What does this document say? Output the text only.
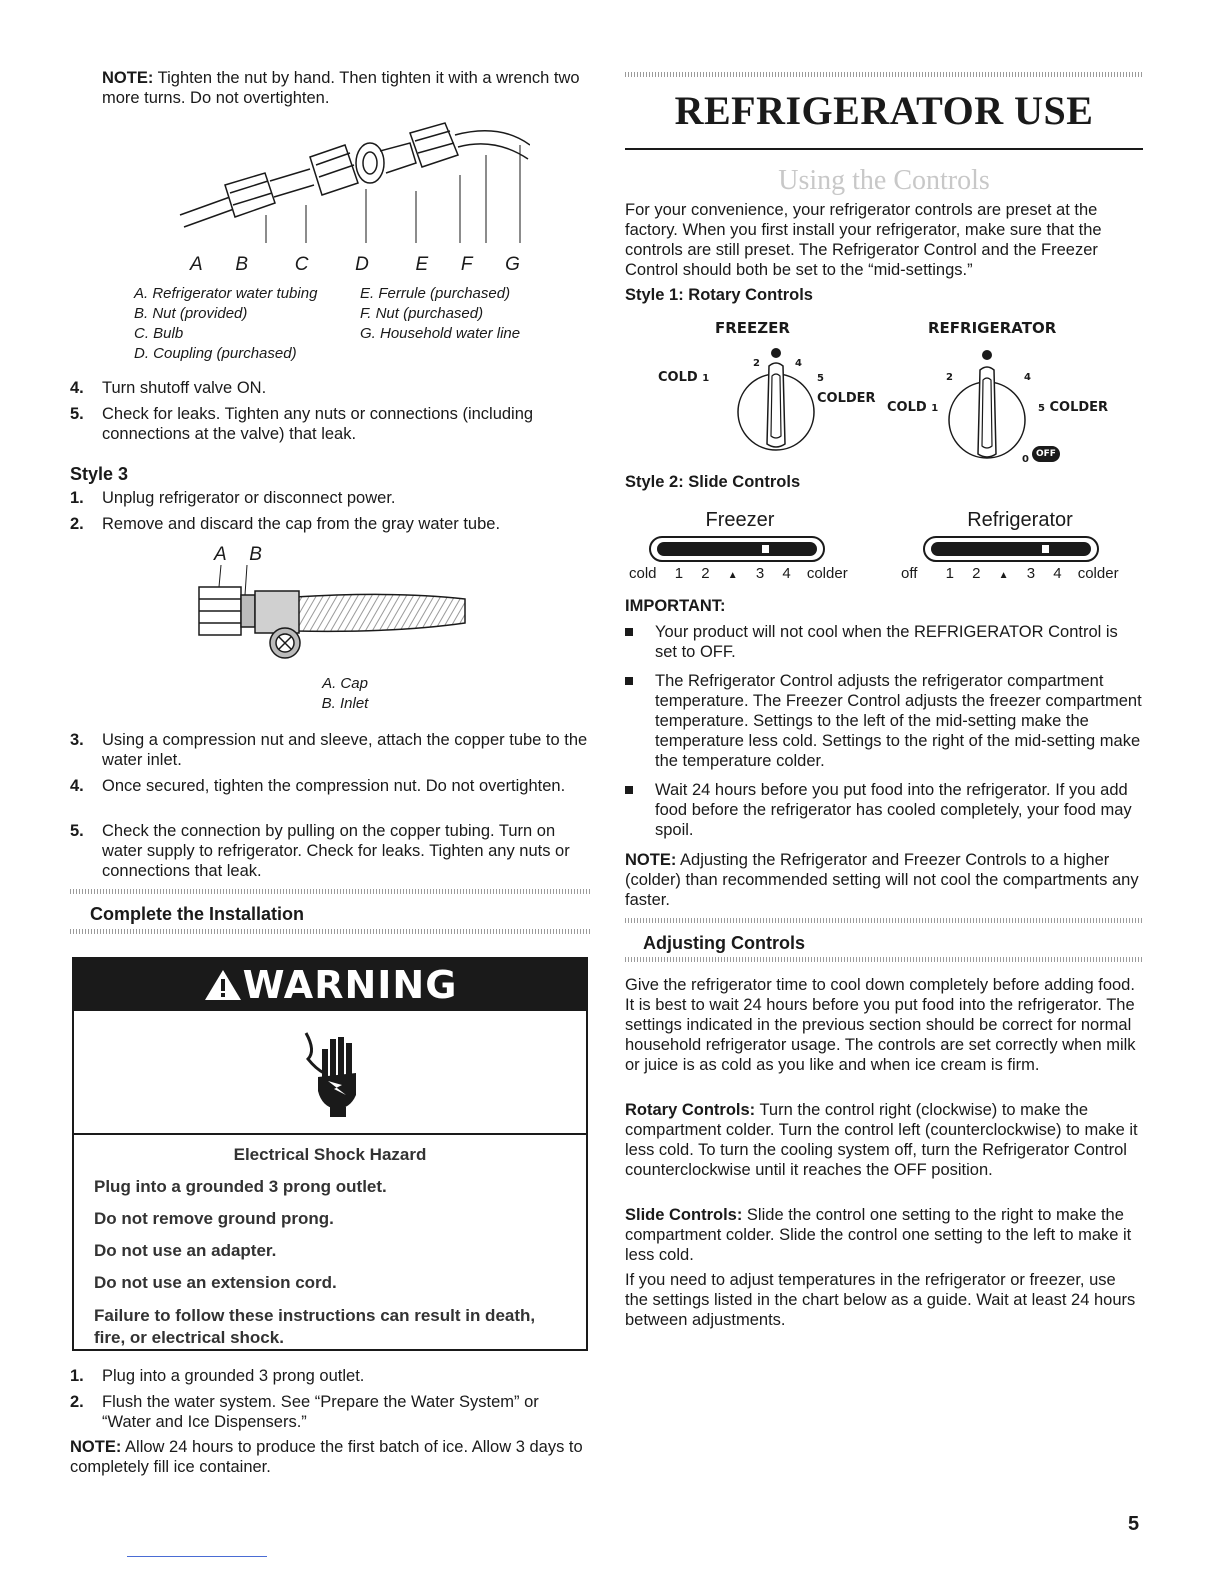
NOTE: Tighten the nut by hand. Then tighten it with a wrench two more turns. Do not overtighten.
A B C D E F G
A. Refrigerator water tubing
B. Nut (provided)
C. Bulb
D. Coupling (purchased)
E. Ferrule (purchased)
F. Nut (purchased)
G. Household water line
4.	Turn shutoff valve ON.
5.	Check for leaks. Tighten any nuts or connections (including connections at the valve) that leak.
Style 3
1.	Unplug refrigerator or disconnect power.
2.	Remove and discard the cap from the gray water tube.
A B
A. Cap
B. Inlet
3.	Using a compression nut and sleeve, attach the copper tube to the water inlet.
4.	Once secured, tighten the compression nut. Do not overtighten.
5.	Check the connection by pulling on the copper tubing. Turn on water supply to refrigerator. Check for leaks. Tighten any nuts or connections that leak.
Complete the Installation
WARNING
Electrical Shock Hazard
Plug into a grounded 3 prong outlet.
Do not remove ground prong.
Do not use an adapter.
Do not use an extension cord.
Failure to follow these instructions can result in death, fire, or electrical shock.
1.	Plug into a grounded 3 prong outlet.
2.	Flush the water system. See “Prepare the Water System” or “Water and Ice Dispensers.”
NOTE: Allow 24 hours to produce the first batch of ice. Allow 3 days to completely fill ice container.
REFRIGERATOR USE
Using the Controls
For your convenience, your refrigerator controls are preset at the factory. When you first install your refrigerator, make sure that the controls are still preset. The Refrigerator Control and the Freezer Control should both be set to the “mid-settings.”
Style 1: Rotary Controls
FREEZER	REFRIGERATOR
2	4
COLD 1	5 COLDER
2	4
COLD 1	5 COLDER
0 OFF
Style 2: Slide Controls
Freezer	Refrigerator
cold 1 2 ▲ 3 4 colder	off 1 2 ▲ 3 4 colder
IMPORTANT:
Your product will not cool when the REFRIGERATOR Control is set to OFF.
The Refrigerator Control adjusts the refrigerator compartment temperature. The Freezer Control adjusts the freezer compartment temperature. Settings to the left of the mid-setting make the temperature less cold. Settings to the right of the mid-setting make the temperature colder.
Wait 24 hours before you put food into the refrigerator. If you add food before the refrigerator has cooled completely, your food may spoil.
NOTE: Adjusting the Refrigerator and Freezer Controls to a higher (colder) than recommended setting will not cool the compartments any faster.
Adjusting Controls
Give the refrigerator time to cool down completely before adding food. It is best to wait 24 hours before you put food into the refrigerator. The settings indicated in the previous section should be correct for normal household refrigerator usage. The controls are set correctly when milk or juice is as cold as you like and when ice cream is firm.
Rotary Controls: Turn the control right (clockwise) to make the compartment colder. Turn the control left (counterclockwise) to make it less cold. To turn the cooling system off, turn the Refrigerator Control counterclockwise until it reaches the OFF position.
Slide Controls: Slide the control one setting to the right to make the compartment colder. Slide the control one setting to the left to make it less cold.
If you need to adjust temperatures in the refrigerator or freezer, use the settings listed in the chart below as a guide. Wait at least 24 hours between adjustments.
5
